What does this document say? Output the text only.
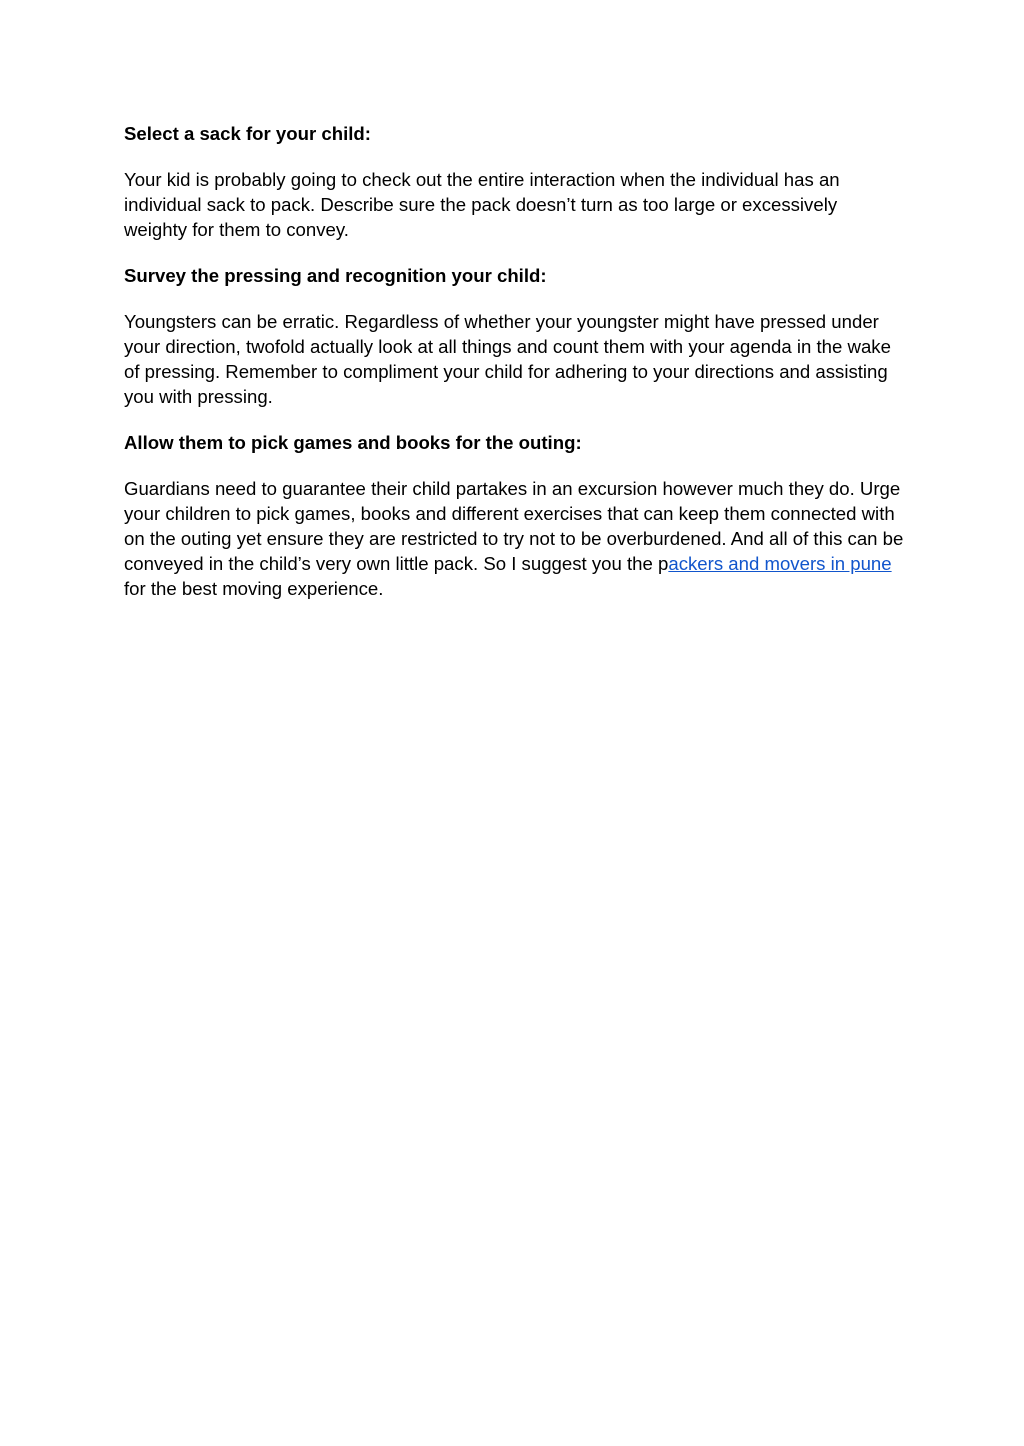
Select a sack for your child:
Your kid is probably going to check out the entire interaction when the individual has an individual sack to pack. Describe sure the pack doesn’t turn as too large or excessively weighty for them to convey.
Survey the pressing and recognition your child:
Youngsters can be erratic. Regardless of whether your youngster might have pressed under your direction, twofold actually look at all things and count them with your agenda in the wake of pressing. Remember to compliment your child for adhering to your directions and assisting you with pressing.
Allow them to pick games and books for the outing:
Guardians need to guarantee their child partakes in an excursion however much they do. Urge your children to pick games, books and different exercises that can keep them connected with on the outing yet ensure they are restricted to try not to be overburdened. And all of this can be conveyed in the child’s very own little pack. So I suggest you the packers and movers in pune for the best moving experience.
